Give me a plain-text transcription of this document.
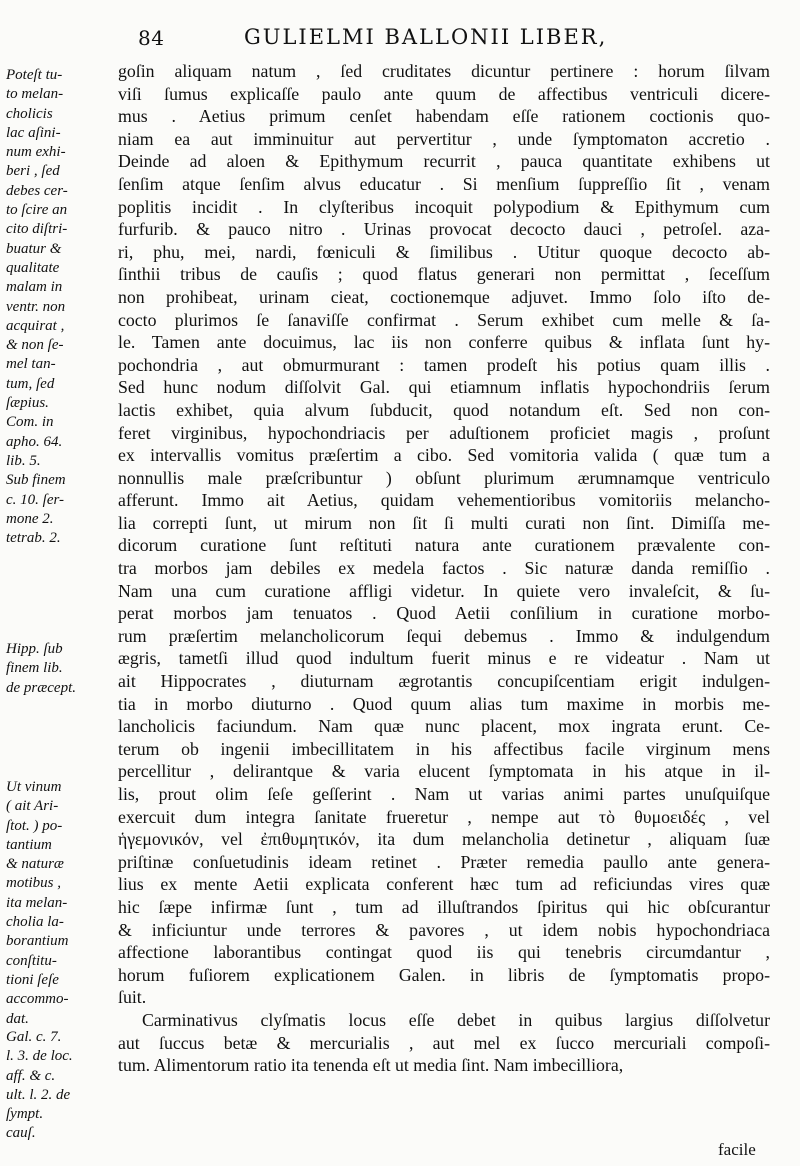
84	GULIELMI BALLONII LIBER,
Poteſt tu-
to melan-
cholicis
lac aſini-
num exhi-
beri , ſed
debes cer-
to ſcire an
cito diſtri-
buatur &
qualitate
malam in
ventr. non
acquirat ,
& non ſe-
mel tan-
tum, ſed
ſæpius.
Com. in
apho. 64.
lib. 5.
Sub finem
c. 10. ſer-
mone 2.
tetrab. 2.
Hipp. ſub
finem lib.
de præcept.
Ut vinum
( ait Ari-
ſtot. ) po-
tantium
& naturæ
motibus ,
ita melan-
cholia la-
borantium
conſtitu-
tioni ſeſe
accommo-
dat.
Gal. c. 7.
l. 3. de loc.
aff. & c.
ult. l. 2. de
ſympt.
cauſ.
goſin aliquam natum , ſed cruditates dicuntur pertinere : horum ſilvam
viſi ſumus explicaſſe paulo ante quum de affectibus ventriculi dicere-
mus . Aetius primum cenſet habendam eſſe rationem coctionis quo-
niam ea aut imminuitur aut pervertitur , unde ſymptomaton accretio .
Deinde ad aloen & Epithymum recurrit , pauca quantitate exhibens ut
ſenſim atque ſenſim alvus educatur . Si menſium ſuppreſſio ſit , venam
poplitis incidit . In clyſteribus incoquit polypodium & Epithymum cum
furfurib. & pauco nitro . Urinas provocat decocto dauci , petroſel. aza-
ri, phu, mei, nardi, fœniculi & ſimilibus . Utitur quoque decocto ab-
ſinthii tribus de cauſis ; quod flatus generari non permittat , ſeceſſum
non prohibeat, urinam cieat, coctionemque adjuvet. Immo ſolo iſto de-
cocto plurimos ſe ſanaviſſe confirmat . Serum exhibet cum melle & ſa-
le. Tamen ante docuimus, lac iis non conferre quibus & inflata ſunt hy-
pochondria , aut obmurmurant : tamen prodeſt his potius quam illis .
Sed hunc nodum diſſolvit Gal. qui etiamnum inflatis hypochondriis ſerum
lactis exhibet, quia alvum ſubducit, quod notandum eſt. Sed non con-
feret virginibus, hypochondriacis per aduſtionem proficiet magis , proſunt
ex intervallis vomitus præſertim a cibo. Sed vomitoria valida ( quæ tum a
nonnullis male præſcribuntur ) obſunt plurimum ærumnamque ventriculo
afferunt. Immo ait Aetius, quidam vehementioribus vomitoriis melancho-
lia correpti ſunt, ut mirum non ſit ſi multi curati non ſint. Dimiſſa me-
dicorum curatione ſunt reſtituti natura ante curationem prævalente con-
tra morbos jam debiles ex medela factos . Sic naturæ danda remiſſio .
Nam una cum curatione affligi videtur. In quiete vero invaleſcit, & ſu-
perat morbos jam tenuatos . Quod Aetii conſilium in curatione morbo-
rum præſertim melancholicorum ſequi debemus . Immo & indulgendum
ægris, tametſi illud quod indultum fuerit minus e re videatur . Nam ut
ait Hippocrates , diuturnam ægrotantis concupiſcentiam erigit indulgen-
tia in morbo diuturno . Quod quum alias tum maxime in morbis me-
lancholicis faciundum. Nam quæ nunc placent, mox ingrata erunt. Ce-
terum ob ingenii imbecillitatem in his affectibus facile virginum mens
percellitur , delirantque & varia elucent ſymptomata in his atque in il-
lis, prout olim ſeſe geſſerint . Nam ut varias animi partes unuſquiſque
exercuit dum integra ſanitate frueretur , nempe aut τὸ θυμοειδές , vel
ἡγεμονικόν, vel ἐπιθυμητικόν, ita dum melancholia detinetur , aliquam ſuæ
priſtinæ conſuetudinis ideam retinet . Præter remedia paullo ante genera-
lius ex mente Aetii explicata conferent hæc tum ad reficiundas vires quæ
hic ſæpe infirmæ ſunt , tum ad illuſtrandos ſpiritus qui hic obſcurantur
& inficiuntur unde terrores & pavores , ut idem nobis hypochondriaca
affectione laborantibus contingat quod iis qui tenebris circumdantur ,
horum fuſiorem explicationem Galen. in libris de ſymptomatis propo-
ſuit.
Carminativus clyſmatis locus eſſe debet in quibus largius diſſolvetur
aut ſuccus betæ & mercurialis , aut mel ex ſucco mercuriali compoſi-
tum. Alimentorum ratio ita tenenda eſt ut media ſint. Nam imbecilliora,
facile
